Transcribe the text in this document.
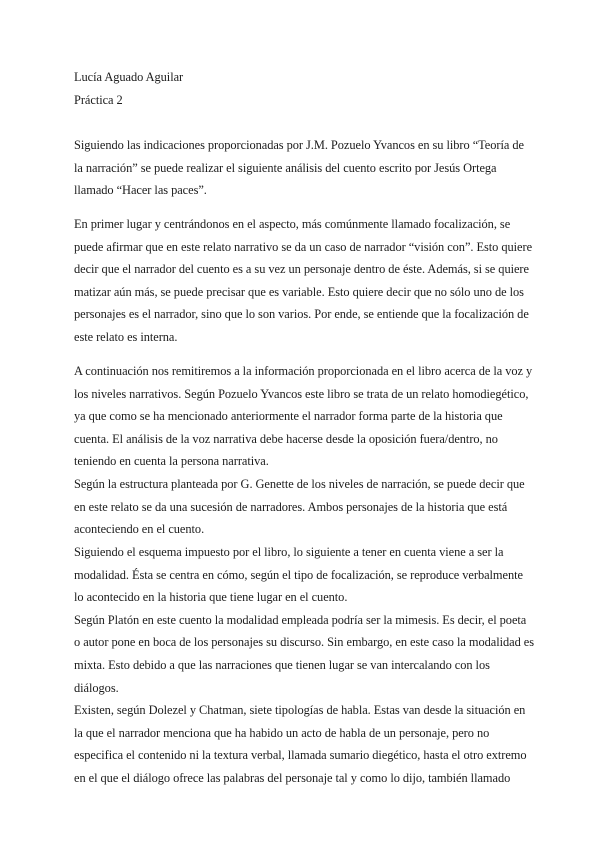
Lucía Aguado Aguilar
Práctica 2
Siguiendo las indicaciones proporcionadas por J.M. Pozuelo Yvancos en su libro “Teoría de
la narración” se puede realizar el siguiente análisis del cuento escrito por Jesús Ortega
llamado “Hacer las paces”.
En primer lugar y centrándonos en el aspecto, más comúnmente llamado focalización, se
puede afirmar que en este relato narrativo se da un caso de narrador “visión con”. Esto quiere
decir que el narrador del cuento es a su vez un personaje dentro de éste. Además, si se quiere
matizar aún más, se puede precisar que es variable. Esto quiere decir que no sólo uno de los
personajes es el narrador, sino que lo son varios. Por ende, se entiende que la focalización de
este relato es interna.
A continuación nos remitiremos a la información proporcionada en el libro acerca de la voz y
los niveles narrativos. Según Pozuelo Yvancos este libro se trata de un relato homodiegético,
ya que como se ha mencionado anteriormente el narrador forma parte de la historia que
cuenta. El análisis de la voz narrativa debe hacerse desde la oposición fuera/dentro, no
teniendo en cuenta la persona narrativa.
Según la estructura planteada por G. Genette de los niveles de narración, se puede decir que
en este relato se da una sucesión de narradores. Ambos personajes de la historia que está
aconteciendo en el cuento.
Siguiendo el esquema impuesto por el libro, lo siguiente a tener en cuenta viene a ser la
modalidad. Ésta se centra en cómo, según el tipo de focalización, se reproduce verbalmente
lo acontecido en la historia que tiene lugar en el cuento.
Según Platón en este cuento la modalidad empleada podría ser la mimesis. Es decir, el poeta
o autor pone en boca de los personajes su discurso. Sin embargo, en este caso la modalidad es
mixta. Esto debido a que las narraciones que tienen lugar se van intercalando con los
diálogos.
Existen, según Dolezel y Chatman, siete tipologías de habla. Estas van desde la situación en
la que el narrador menciona que ha habido un acto de habla de un personaje, pero no
especifica el contenido ni la textura verbal, llamada sumario diegético, hasta el otro extremo
en el que el diálogo ofrece las palabras del personaje tal y como lo dijo, también llamado
